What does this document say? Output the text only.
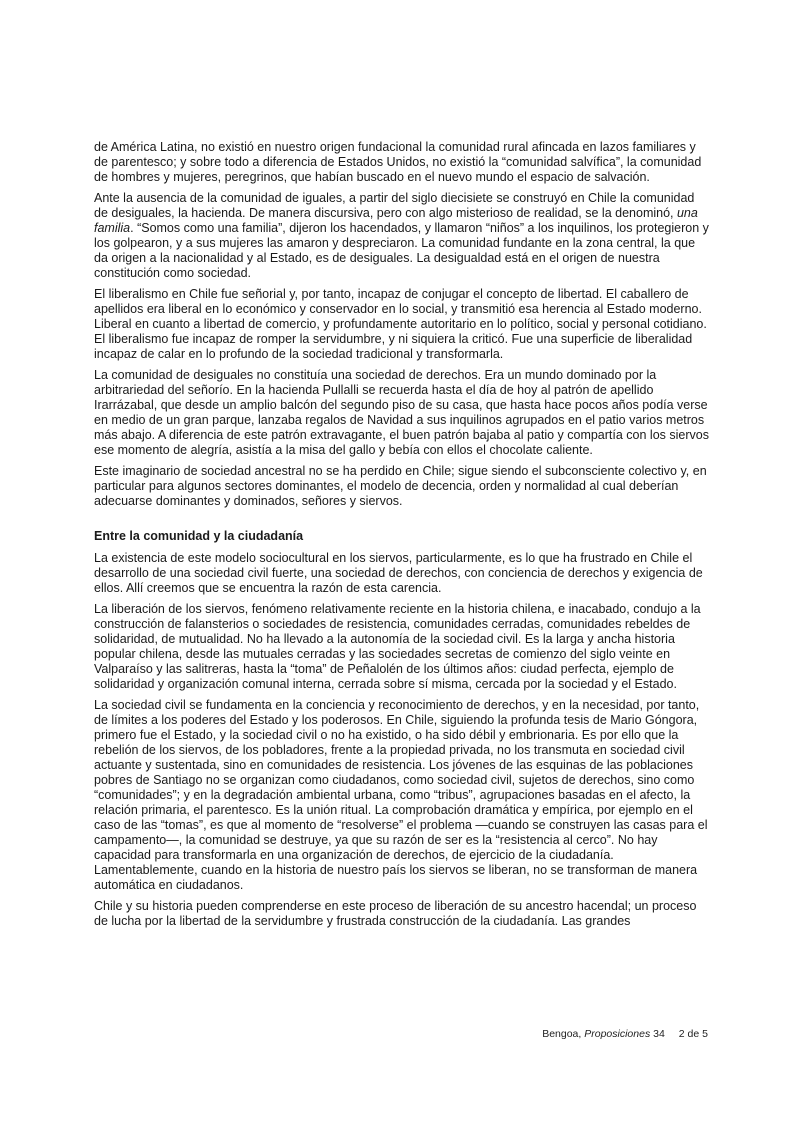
de América Latina, no existió en nuestro origen fundacional la comunidad rural afincada en lazos familiares y de parentesco; y sobre todo a diferencia de Estados Unidos, no existió la “comunidad salvífica”, la comunidad de hombres y mujeres, peregrinos, que habían buscado en el nuevo mundo el espacio de salvación.

Ante la ausencia de la comunidad de iguales, a partir del siglo diecisiete se construyó en Chile la comunidad de desiguales, la hacienda. De manera discursiva, pero con algo misterioso de realidad, se la denominó, una familia. “Somos como una familia”, dijeron los hacendados, y llamaron “niños” a los inquilinos, los protegieron y los golpearon, y a sus mujeres las amaron y despreciaron. La comunidad fundante en la zona central, la que da origen a la nacionalidad y al Estado, es de desiguales. La desigualdad está en el origen de nuestra constitución como sociedad.

El liberalismo en Chile fue señorial y, por tanto, incapaz de conjugar el concepto de libertad. El caballero de apellidos era liberal en lo económico y conservador en lo social, y transmitió esa herencia al Estado moderno. Liberal en cuanto a libertad de comercio, y profundamente autoritario en lo político, social y personal cotidiano. El liberalismo fue incapaz de romper la servidumbre, y ni siquiera la criticó. Fue una superficie de liberalidad incapaz de calar en lo profundo de la sociedad tradicional y transformarla.

La comunidad de desiguales no constituía una sociedad de derechos. Era un mundo dominado por la arbitrariedad del señorío. En la hacienda Pullalli se recuerda hasta el día de hoy al patrón de apellido Irarrázabal, que desde un amplio balcón del segundo piso de su casa, que hasta hace pocos años podía verse en medio de un gran parque, lanzaba regalos de Navidad a sus inquilinos agrupados en el patio varios metros más abajo. A diferencia de este patrón extravagante, el buen patrón bajaba al patio y compartía con los siervos ese momento de alegría, asistía a la misa del gallo y bebía con ellos el chocolate caliente.

Este imaginario de sociedad ancestral no se ha perdido en Chile; sigue siendo el subconsciente colectivo y, en particular para algunos sectores dominantes, el modelo de decencia, orden y normalidad al cual deberían adecuarse dominantes y dominados, señores y siervos.

Entre la comunidad y la ciudadanía

La existencia de este modelo sociocultural en los siervos, particularmente, es lo que ha frustrado en Chile el desarrollo de una sociedad civil fuerte, una sociedad de derechos, con conciencia de derechos y exigencia de ellos. Allí creemos que se encuentra la razón de esta carencia.

La liberación de los siervos, fenómeno relativamente reciente en la historia chilena, e inacabado, condujo a la construcción de falansterios o sociedades de resistencia, comunidades cerradas, comunidades rebeldes de solidaridad, de mutualidad. No ha llevado a la autonomía de la sociedad civil. Es la larga y ancha historia popular chilena, desde las mutuales cerradas y las sociedades secretas de comienzo del siglo veinte en Valparaíso y las salitreras, hasta la “toma” de Peñalolén de los últimos años: ciudad perfecta, ejemplo de solidaridad y organización comunal interna, cerrada sobre sí misma, cercada por la sociedad y el Estado.

La sociedad civil se fundamenta en la conciencia y reconocimiento de derechos, y en la necesidad, por tanto, de límites a los poderes del Estado y los poderosos. En Chile, siguiendo la profunda tesis de Mario Góngora, primero fue el Estado, y la sociedad civil o no ha existido, o ha sido débil y embrionaria. Es por ello que la rebelión de los siervos, de los pobladores, frente a la propiedad privada, no los transmuta en sociedad civil actuante y sustentada, sino en comunidades de resistencia. Los jóvenes de las esquinas de las poblaciones pobres de Santiago no se organizan como ciudadanos, como sociedad civil, sujetos de derechos, sino como “comunidades”; y en la degradación ambiental urbana, como “tribus”, agrupaciones basadas en el afecto, la relación primaria, el parentesco. Es la unión ritual. La comprobación dramática y empírica, por ejemplo en el caso de las “tomas”, es que al momento de “resolverse” el problema —cuando se construyen las casas para el campamento—, la comunidad se destruye, ya que su razón de ser es la “resistencia al cerco”. No hay capacidad para transformarla en una organización de derechos, de ejercicio de la ciudadanía. Lamentablemente, cuando en la historia de nuestro país los siervos se liberan, no se transforman de manera automática en ciudadanos.

Chile y su historia pueden comprenderse en este proceso de liberación de su ancestro hacendal; un proceso de lucha por la libertad de la servidumbre y frustrada construcción de la ciudadanía. Las grandes

Bengoa, Proposiciones 34 2 de 5
